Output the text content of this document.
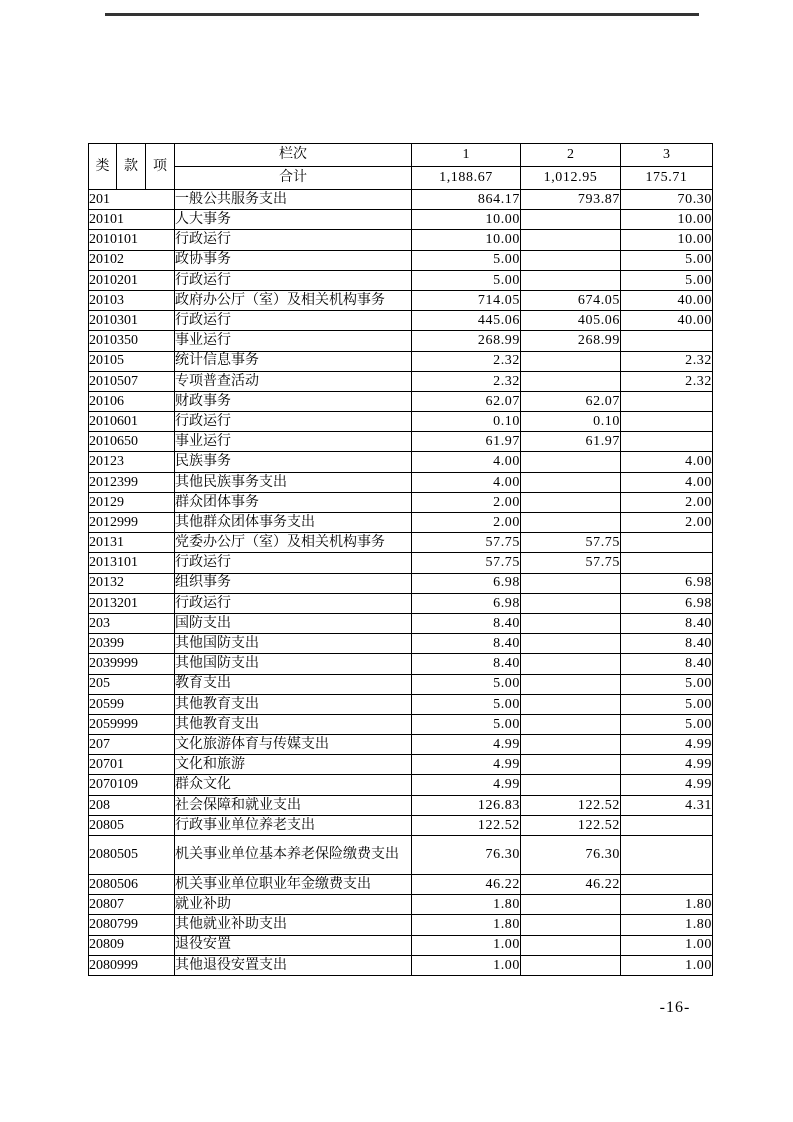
类	款	项	栏次	1	2	3
			合计	1,188.67	1,012.95	175.71
201			一般公共服务支出	864.17	793.87	70.30
20101			人大事务	10.00		10.00
2010101			行政运行	10.00		10.00
20102			政协事务	5.00		5.00
2010201			行政运行	5.00		5.00
20103			政府办公厅（室）及相关机构事务	714.05	674.05	40.00
2010301			行政运行	445.06	405.06	40.00
2010350			事业运行	268.99	268.99	
20105			统计信息事务	2.32		2.32
2010507			专项普查活动	2.32		2.32
20106			财政事务	62.07	62.07	
2010601			行政运行	0.10	0.10	
2010650			事业运行	61.97	61.97	
20123			民族事务	4.00		4.00
2012399			其他民族事务支出	4.00		4.00
20129			群众团体事务	2.00		2.00
2012999			其他群众团体事务支出	2.00		2.00
20131			党委办公厅（室）及相关机构事务	57.75	57.75	
2013101			行政运行	57.75	57.75	
20132			组织事务	6.98		6.98
2013201			行政运行	6.98		6.98
203			国防支出	8.40		8.40
20399			其他国防支出	8.40		8.40
2039999			其他国防支出	8.40		8.40
205			教育支出	5.00		5.00
20599			其他教育支出	5.00		5.00
2059999			其他教育支出	5.00		5.00
207			文化旅游体育与传媒支出	4.99		4.99
20701			文化和旅游	4.99		4.99
2070109			群众文化	4.99		4.99
208			社会保障和就业支出	126.83	122.52	4.31
20805			行政事业单位养老支出	122.52	122.52	
2080505			机关事业单位基本养老保险缴费支出	76.30	76.30	
2080506			机关事业单位职业年金缴费支出	46.22	46.22	
20807			就业补助	1.80		1.80
2080799			其他就业补助支出	1.80		1.80
20809			退役安置	1.00		1.00
2080999			其他退役安置支出	1.00		1.00
-16-
